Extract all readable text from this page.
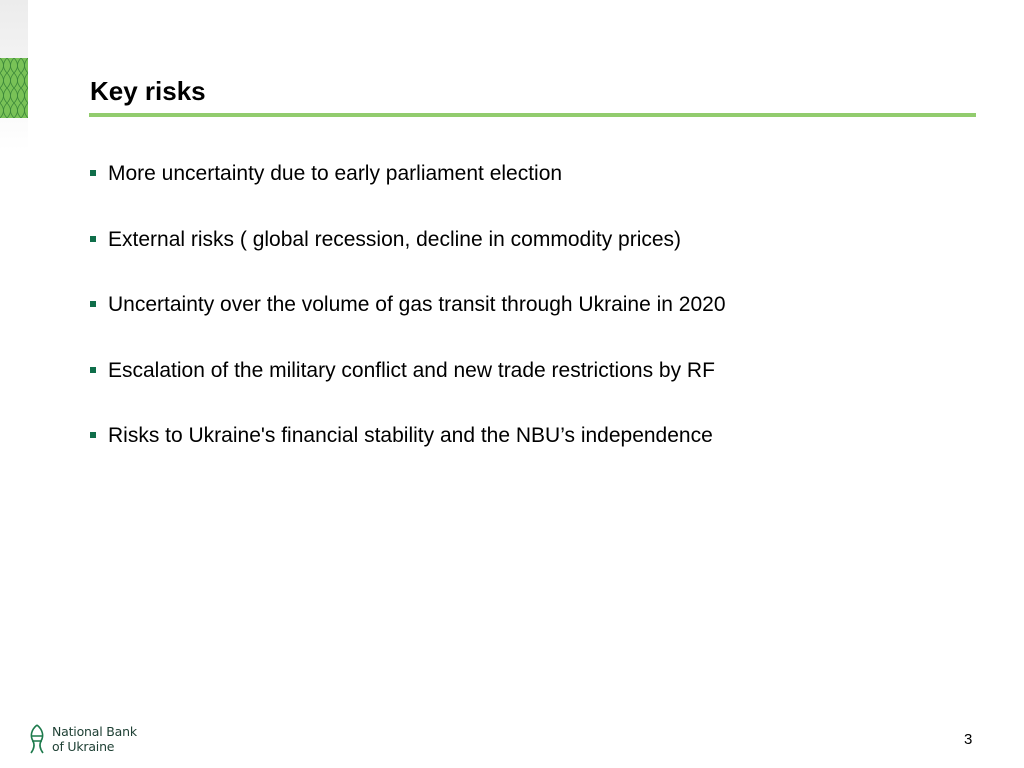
Key risks
More uncertainty due to early parliament election
External risks ( global recession, decline in commodity prices)
Uncertainty over the volume of gas transit through Ukraine in 2020
Escalation of the military conflict and new trade restrictions by RF
Risks to Ukraine's financial stability and the NBU’s independence
National Bank
of Ukraine	3
